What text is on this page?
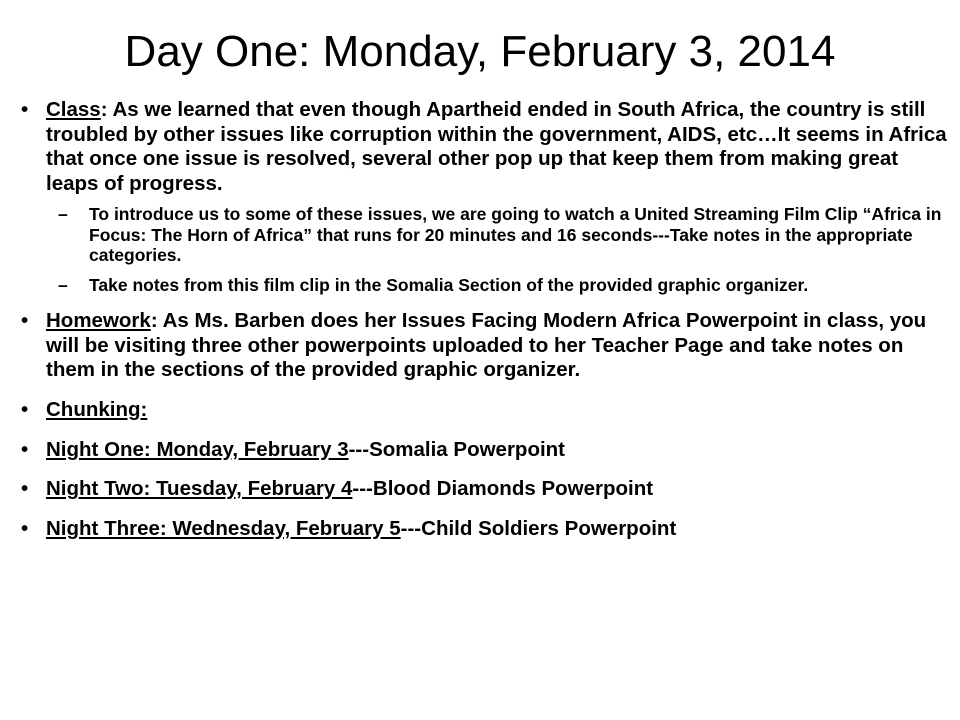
Day One: Monday, February 3, 2014
• Class: As we learned that even though Apartheid ended in South Africa, the country is still troubled by other issues like corruption within the government, AIDS, etc…It seems in Africa that once one issue is resolved, several other pop up that keep them from making great leaps of progress.
– To introduce us to some of these issues, we are going to watch a United Streaming Film Clip “Africa in Focus: The Horn of Africa” that runs for 20 minutes and 16 seconds---Take notes in the appropriate categories.
– Take notes from this film clip in the Somalia Section of the provided graphic organizer.
• Homework: As Ms. Barben does her Issues Facing Modern Africa Powerpoint in class, you will be visiting three other powerpoints uploaded to her Teacher Page and take notes on them in the sections of the provided graphic organizer.
• Chunking:
• Night One: Monday, February 3---Somalia Powerpoint
• Night Two: Tuesday, February 4---Blood Diamonds Powerpoint
• Night Three: Wednesday, February 5---Child Soldiers Powerpoint
